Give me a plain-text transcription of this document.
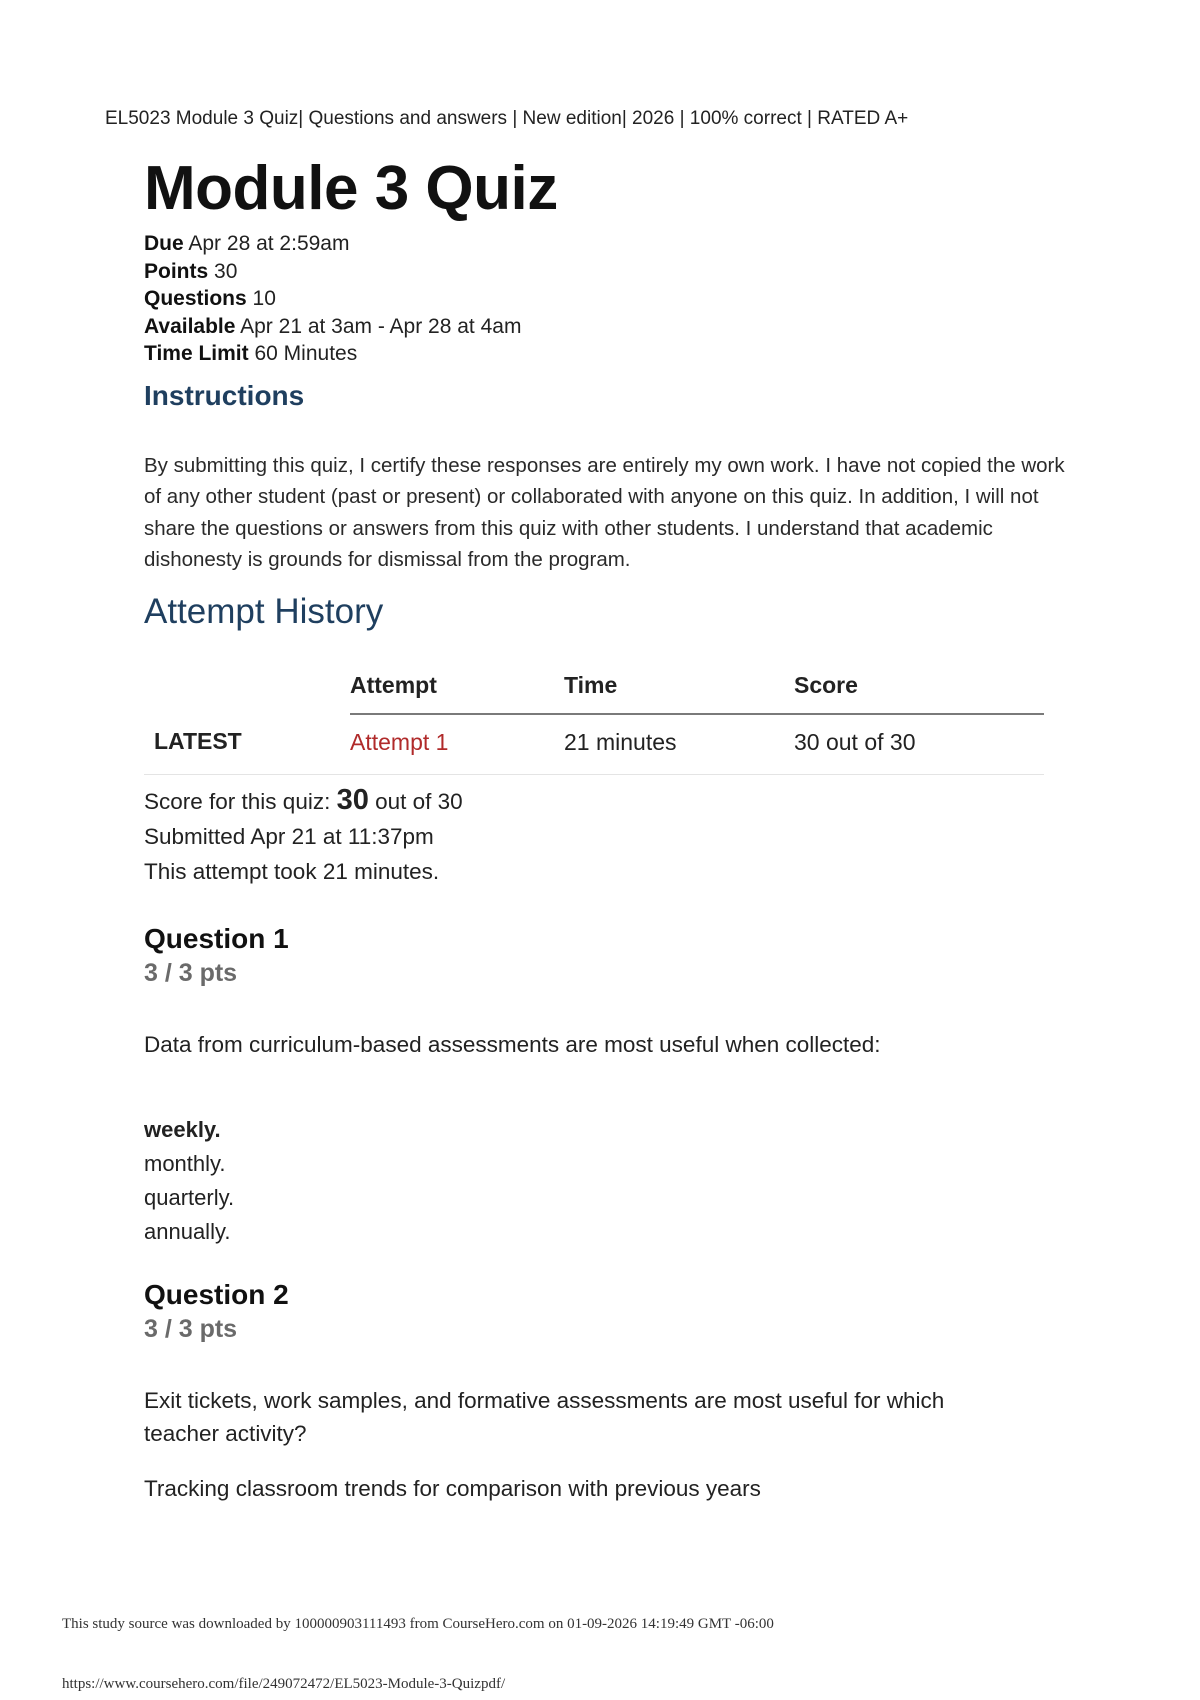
EL5023 Module 3 Quiz| Questions and answers | New edition| 2026 | 100% correct | RATED A+
Module 3 Quiz
Due Apr 28 at 2:59am
Points 30
Questions 10
Available Apr 21 at 3am - Apr 28 at 4am
Time Limit 60 Minutes
Instructions

By submitting this quiz, I certify these responses are entirely my own work. I have not copied the work of any other student (past or present) or collaborated with anyone on this quiz. In addition, I will not share the questions or answers from this quiz with other students. I understand that academic dishonesty is grounds for dismissal from the program.

Attempt History
	Attempt	Time	Score
LATEST	Attempt 1	21 minutes	30 out of 30
Score for this quiz: 30 out of 30
Submitted Apr 21 at 11:37pm
This attempt took 21 minutes.
Question 1
3 / 3 pts
Data from curriculum-based assessments are most useful when collected:
weekly.
monthly.
quarterly.
annually.
Question 2
3 / 3 pts
Exit tickets, work samples, and formative assessments are most useful for which teacher activity?
Tracking classroom trends for comparison with previous years
This study source was downloaded by 100000903111493 from CourseHero.com on 01-09-2026 14:19:49 GMT -06:00
https://www.coursehero.com/file/249072472/EL5023-Module-3-Quizpdf/
